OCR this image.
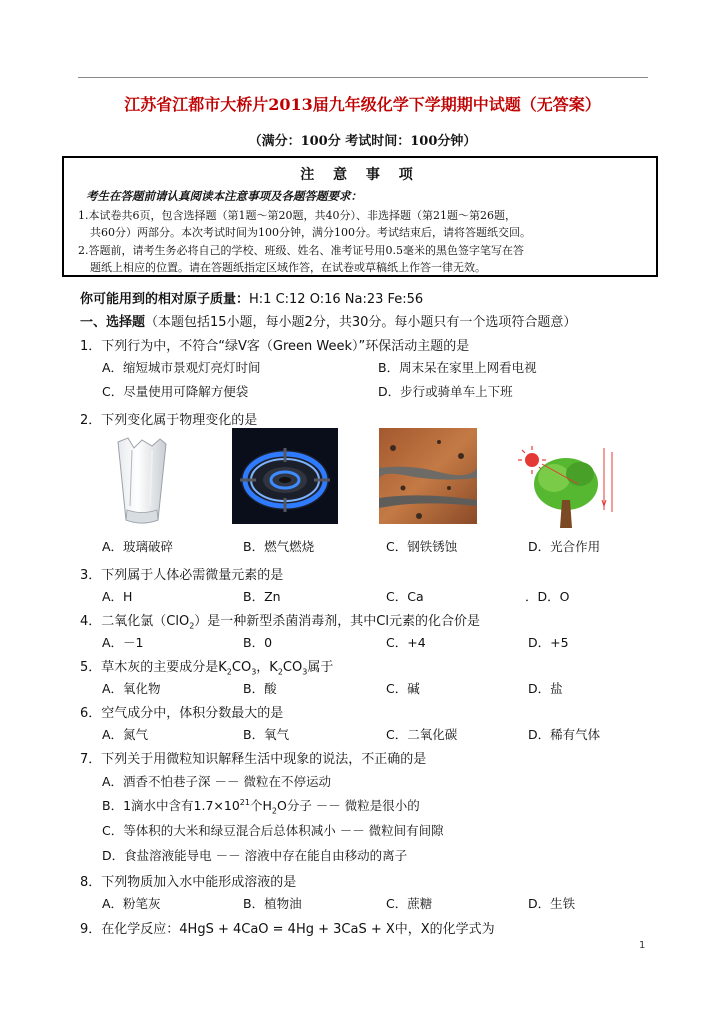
江苏省江都市大桥片2013届九年级化学下学期期中试题（无答案）
（满分：100分 考试时间：100分钟）
注 意 事 项
考生在答题前请认真阅读本注意事项及各题答题要求：
1.本试卷共6页，包含选择题（第1题～第20题，共40分）、非选择题（第21题～第26题，
共60分）两部分。本次考试时间为100分钟，满分100分。考试结束后，请将答题纸交回。
2.答题前，请考生务必将自己的学校、班级、姓名、准考证号用0.5毫米的黑色签字笔写在答
题纸上相应的位置。请在答题纸指定区域作答，在试卷或草稿纸上作答一律无效。
你可能用到的相对原子质量：H:1 C:12 O:16 Na:23 Fe:56
一、选择题（本题包括15小题，每小题2分，共30分。每小题只有一个选项符合题意）
1．下列行为中，不符合“绿V客（Green Week）”环保活动主题的是
A．缩短城市景观灯亮灯时间	B．周末呆在家里上网看电视
C．尽量使用可降解方便袋	D．步行或骑单车上下班
2．下列变化属于物理变化的是
A．玻璃破碎	B．燃气燃烧	C．钢铁锈蚀	D．光合作用
3．下列属于人体必需微量元素的是
A．H	B．Zn	C．Ca	．D．O
4．二氧化氯（ClO$_2$）是一种新型杀菌消毒剂，其中Cl元素的化合价是
A．－1	B．0	C．+4	D．+5
5．草木灰的主要成分是$K_2CO_3$，$K_2CO_3$属于
A．氧化物	B．酸	C．碱	D．盐
6．空气成分中，体积分数最大的是
A．氮气	B．氧气	C．二氧化碳	D．稀有气体
7．下列关于用微粒知识解释生活中现象的说法，不正确的是
A．酒香不怕巷子深 －－ 微粒在不停运动
B．1滴水中含有$1.7\times 10^{21}$个$H_2O$分子 －－ 微粒是很小的
C．等体积的大米和绿豆混合后总体积减小 －－ 微粒间有间隙
D．食盐溶液能导电 －－ 溶液中存在能自由移动的离子
8．下列物质加入水中能形成溶液的是
A．粉笔灰	B．植物油	C．蔗糖	D．生铁
9．在化学反应：4HgS + 4CaO = 4Hg + 3CaS + X中，X的化学式为
1
